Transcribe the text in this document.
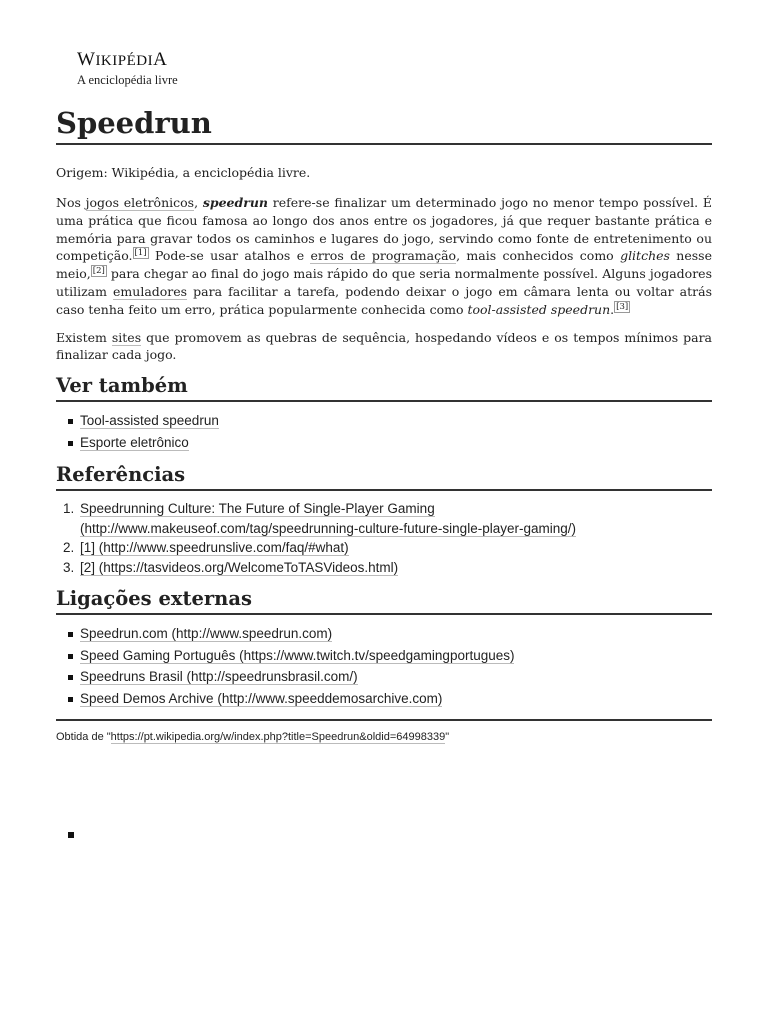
WIKIPÉDIA
A enciclopédia livre
Speedrun
Origem: Wikipédia, a enciclopédia livre.

Nos jogos eletrônicos, speedrun refere-se finalizar um determinado jogo no menor tempo possível. É uma prática que ficou famosa ao longo dos anos entre os jogadores, já que requer bastante prática e memória para gravar todos os caminhos e lugares do jogo, servindo como fonte de entretenimento ou competição. [1] Pode-se usar atalhos e erros de programação, mais conhecidos como glitches nesse meio, [2] para chegar ao final do jogo mais rápido do que seria normalmente possível. Alguns jogadores utilizam emuladores para facilitar a tarefa, podendo deixar o jogo em câmara lenta ou voltar atrás caso tenha feito um erro, prática popularmente conhecida como tool-assisted speedrun. [3]

Existem sites que promovem as quebras de sequência, hospedando vídeos e os tempos mínimos para finalizar cada jogo.

Ver também
Tool-assisted speedrun
Esporte eletrônico
Referências
1. Speedrunning Culture: The Future of Single-Player Gaming (http://www.makeuseof.com/tag/speedrunning-culture-future-single-player-gaming/)
2. [1] (http://www.speedrunslive.com/faq/#what)
3. [2] (https://tasvideos.org/WelcomeToTASVideos.html)
Ligações externas
Speedrun.com (http://www.speedrun.com)
Speed Gaming Português (https://www.twitch.tv/speedgamingportugues)
Speedruns Brasil (http://speedrunsbrasil.com/)
Speed Demos Archive (http://www.speeddemosarchive.com)
Obtida de "https://pt.wikipedia.org/w/index.php?title=Speedrun&oldid=64998339"
